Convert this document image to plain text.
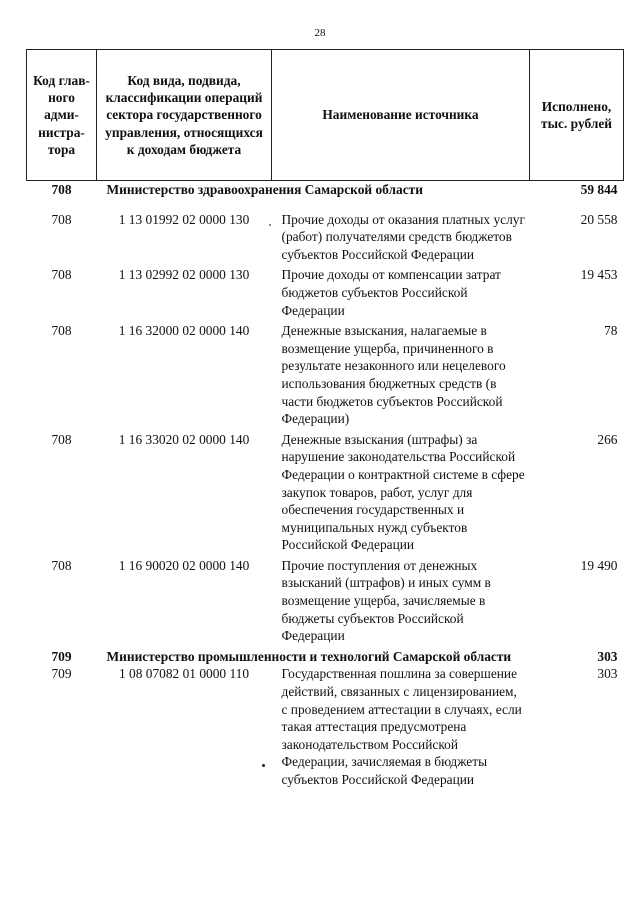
28
Код глав-ного адми-нистра-тора	Код вида, подвида, классификации операций сектора государственного управления, относящихся к доходам бюджета	Наименование источника	Исполнено, тыс. рублей
708	Министерство здравоохранения Самарской области		59 844

708	1 13 01992 02 0000 130	Прочие доходы от оказания платных услуг (работ) получателями средств бюджетов субъектов Российской Федерации	20 558
708	1 13 02992 02 0000 130	Прочие доходы от компенсации затрат бюджетов субъектов Российской Федерации	19 453
708	1 16 32000 02 0000 140	Денежные взыскания, налагаемые в возмещение ущерба, причиненного в результате незаконного или нецелевого использования бюджетных средств (в части бюджетов субъектов Российской Федерации)	78
708	1 16 33020 02 0000 140	Денежные взыскания (штрафы) за нарушение законодательства Российской Федерации о контрактной системе в сфере закупок товаров, работ, услуг для обеспечения государственных и муниципальных нужд субъектов Российской Федерации	266
708	1 16 90020 02 0000 140	Прочие поступления от денежных взысканий (штрафов) и иных сумм в возмещение ущерба, зачисляемые в бюджеты субъектов Российской Федерации	19 490
709	Министерство промышленности и технологий Самарской области		303
709	1 08 07082 01 0000 110	Государственная пошлина за совершение действий, связанных с лицензированием, с проведением аттестации в случаях, если такая аттестация предусмотрена законодательством Российской Федерации, зачисляемая в бюджеты субъектов Российской Федерации	303
